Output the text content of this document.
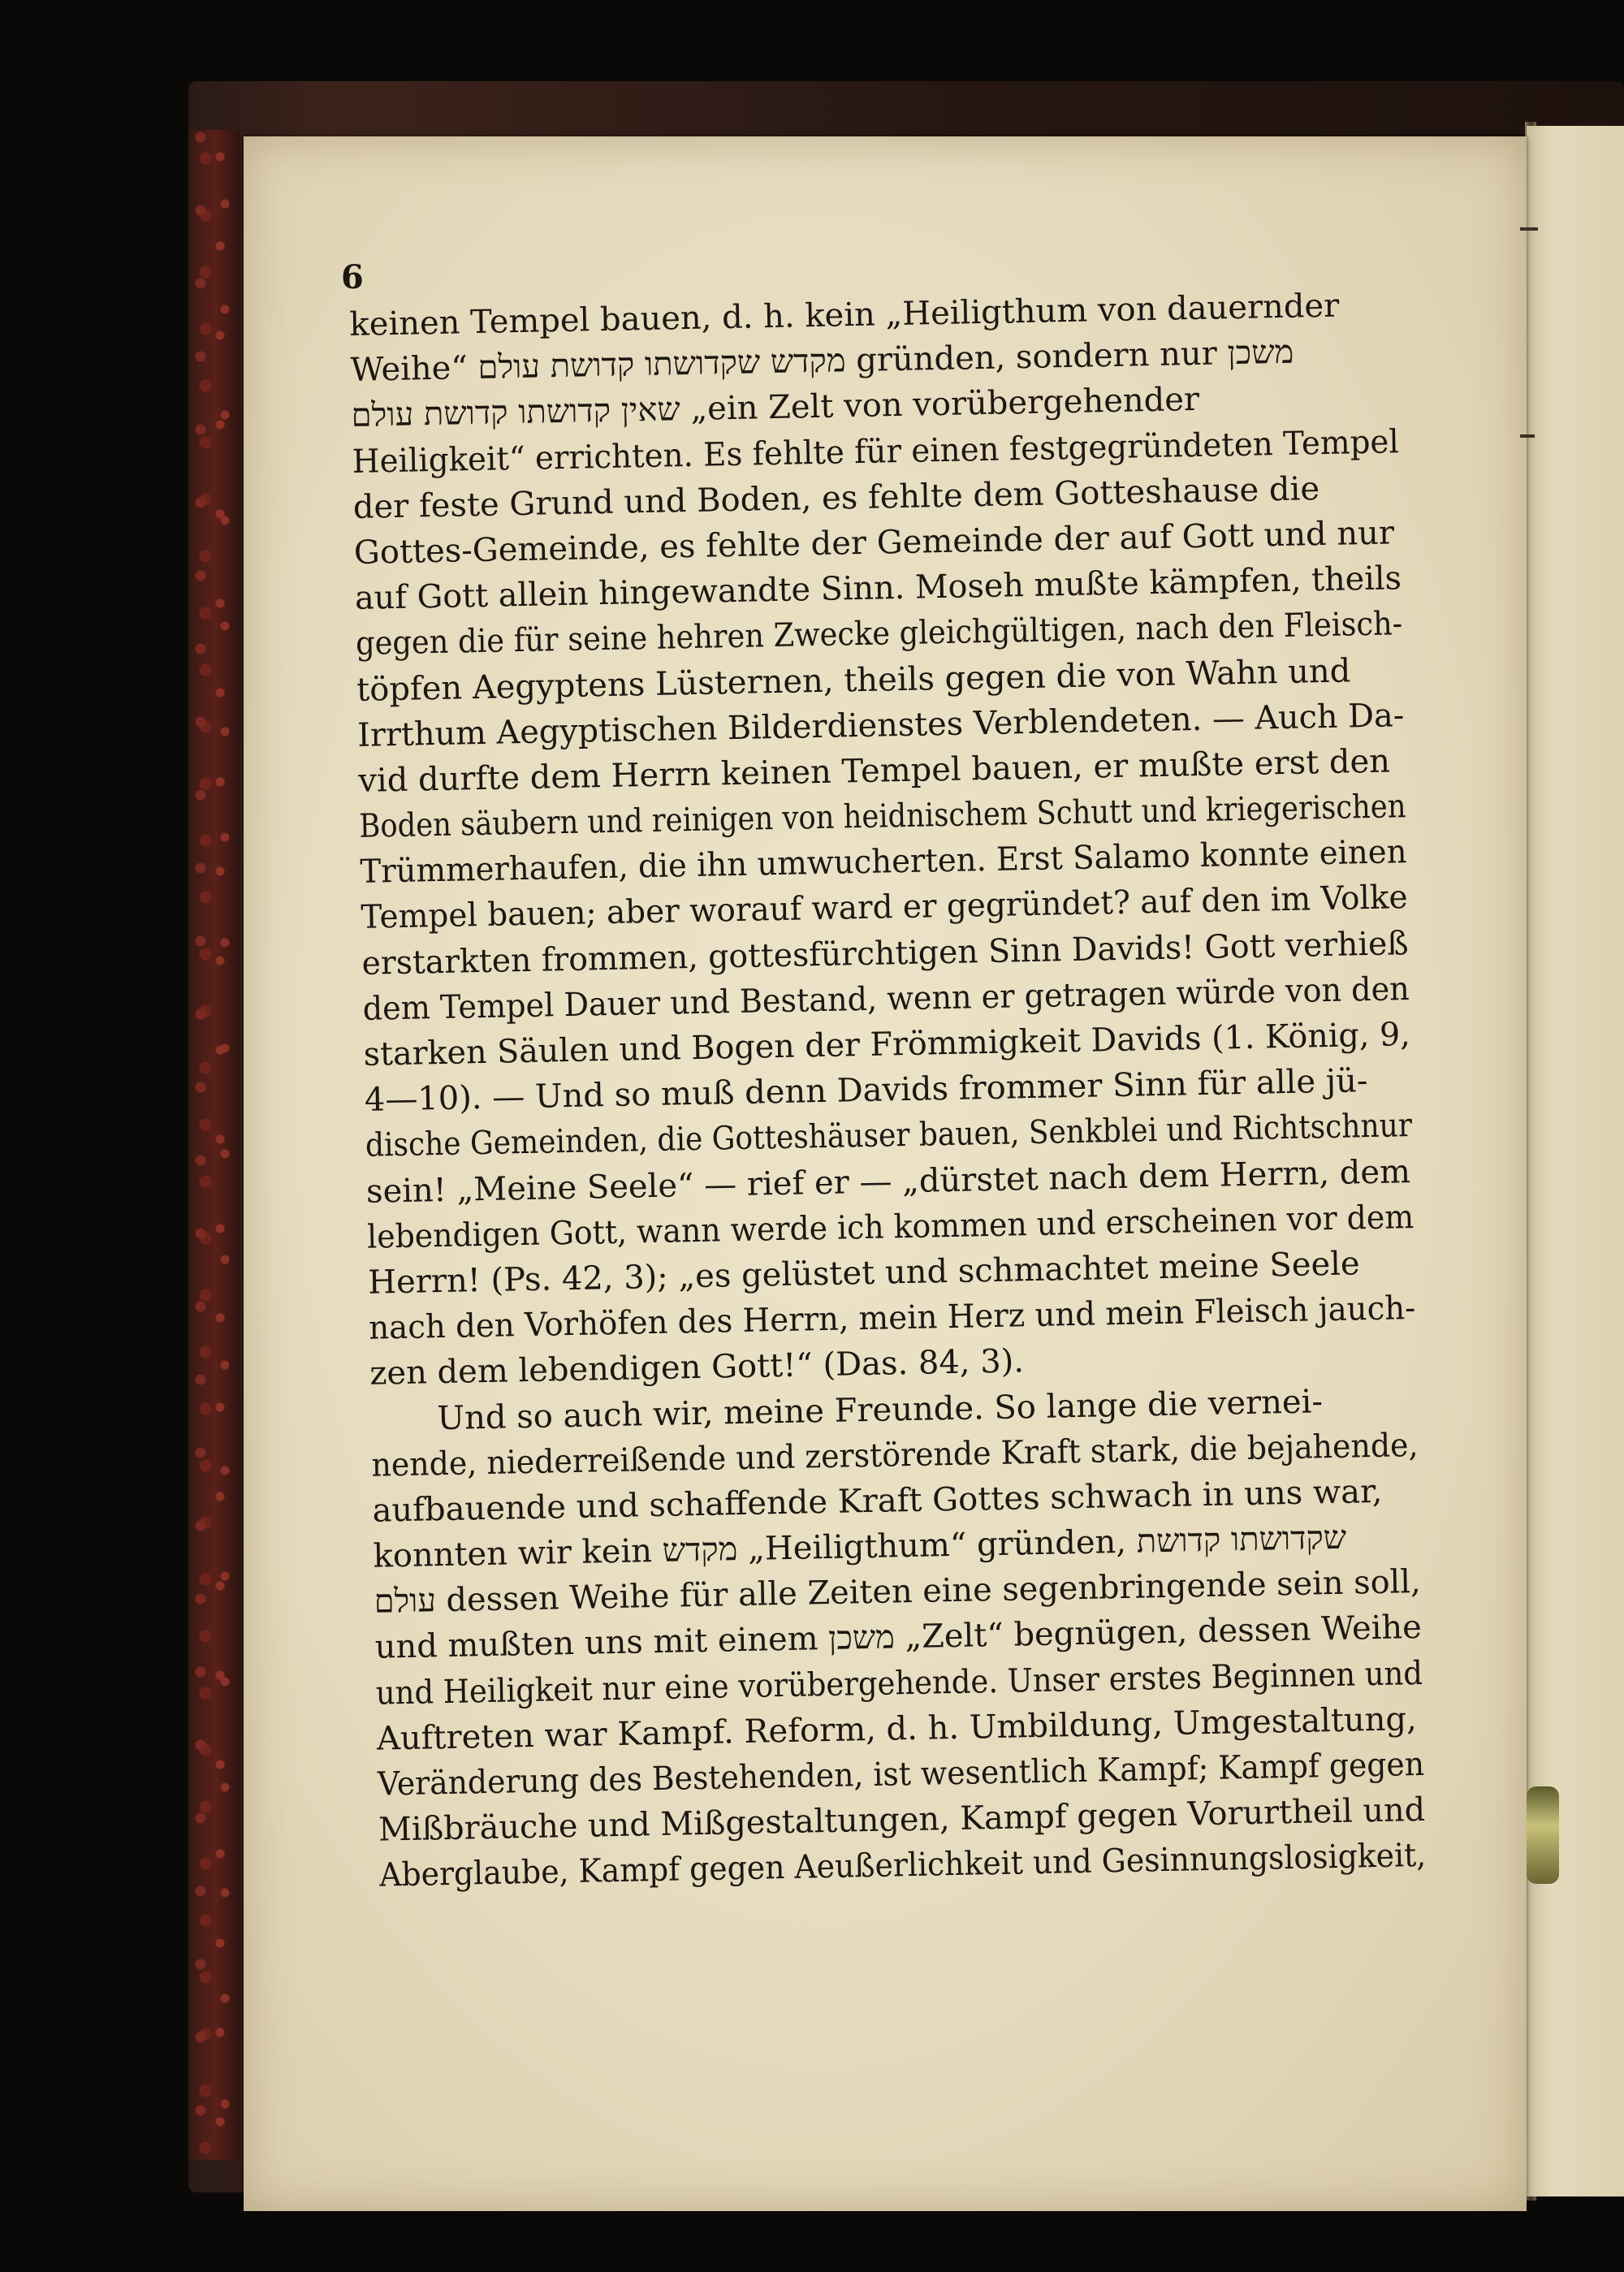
6

keinen Tempel bauen, d. h. kein „Heiligthum von dauernder
Weihe“ מקדש שקדושתו קדושת עולם gründen, sondern nur משכן
שאין קדושתו קדושת עולם „ein Zelt von vorübergehender
Heiligkeit“ errichten. Es fehlte für einen festgegründeten Tempel
der feste Grund und Boden, es fehlte dem Gotteshause die
Gottes-Gemeinde, es fehlte der Gemeinde der auf Gott und nur
auf Gott allein hingewandte Sinn. Moseh mußte kämpfen, theils
gegen die für seine hehren Zwecke gleichgültigen, nach den Fleisch-
töpfen Aegyptens Lüsternen, theils gegen die von Wahn und
Irrthum Aegyptischen Bilderdienstes Verblendeten. — Auch Da-
vid durfte dem Herrn keinen Tempel bauen, er mußte erst den
Boden säubern und reinigen von heidnischem Schutt und kriegerischen
Trümmerhaufen, die ihn umwucherten. Erst Salamo konnte einen
Tempel bauen; aber worauf ward er gegründet? auf den im Volke
erstarkten frommen, gottesfürchtigen Sinn Davids! Gott verhieß
dem Tempel Dauer und Bestand, wenn er getragen würde von den
starken Säulen und Bogen der Frömmigkeit Davids (1. König, 9,
4—10). — Und so muß denn Davids frommer Sinn für alle jü-
dische Gemeinden, die Gotteshäuser bauen, Senkblei und Richtschnur
sein! „Meine Seele“ — rief er — „dürstet nach dem Herrn, dem
lebendigen Gott, wann werde ich kommen und erscheinen vor dem
Herrn! (Ps. 42, 3); „es gelüstet und schmachtet meine Seele
nach den Vorhöfen des Herrn, mein Herz und mein Fleisch jauch-
zen dem lebendigen Gott!“ (Das. 84, 3).
Und so auch wir, meine Freunde. So lange die vernei-
nende, niederreißende und zerstörende Kraft stark, die bejahende,
aufbauende und schaffende Kraft Gottes schwach in uns war,
konnten wir kein מקדש „Heiligthum“ gründen, שקדושתו קדושת
עולם dessen Weihe für alle Zeiten eine segenbringende sein soll,
und mußten uns mit einem משכן „Zelt“ begnügen, dessen Weihe
und Heiligkeit nur eine vorübergehende. Unser erstes Beginnen und
Auftreten war Kampf. Reform, d. h. Umbildung, Umgestaltung,
Veränderung des Bestehenden, ist wesentlich Kampf; Kampf gegen
Mißbräuche und Mißgestaltungen, Kampf gegen Vorurtheil und
Aberglaube, Kampf gegen Aeußerlichkeit und Gesinnungslosigkeit,
